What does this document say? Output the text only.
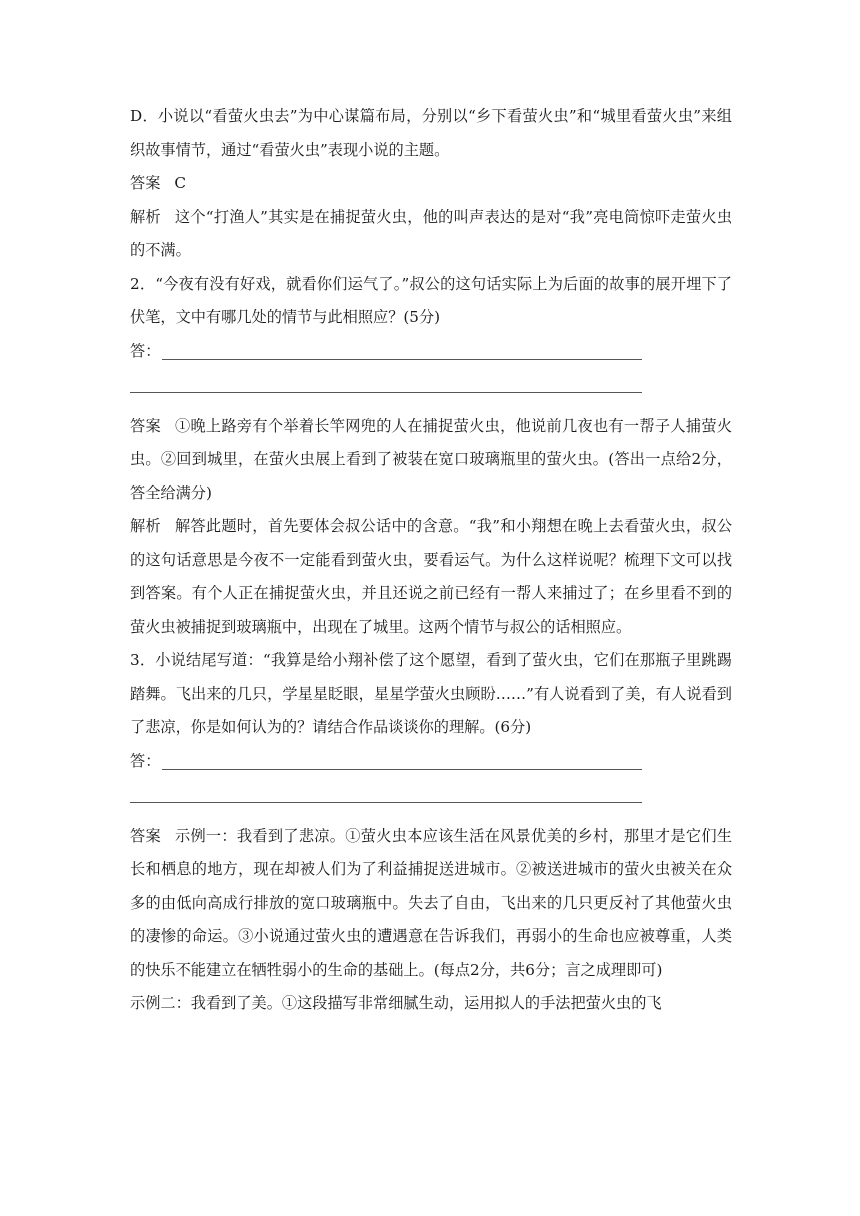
D．小说以“看萤火虫去”为中心谋篇布局，分别以“乡下看萤火虫”和“城里看萤火虫”来组织故事情节，通过“看萤火虫”表现小说的主题。

答案 C

解析 这个“打渔人”其实是在捕捉萤火虫，他的叫声表达的是对“我”亮电筒惊吓走萤火虫的不满。

2．“今夜有没有好戏，就看你们运气了。”叔公的这句话实际上为后面的故事的展开埋下了伏笔，文中有哪几处的情节与此相照应？(5分)

答：

答案 ①晚上路旁有个举着长竿网兜的人在捕捉萤火虫，他说前几夜也有一帮子人捕萤火虫。②回到城里，在萤火虫展上看到了被装在宽口玻璃瓶里的萤火虫。(答出一点给2分，答全给满分)

解析 解答此题时，首先要体会叔公话中的含意。“我”和小翔想在晚上去看萤火虫，叔公的这句话意思是今夜不一定能看到萤火虫，要看运气。为什么这样说呢？梳理下文可以找到答案。有个人正在捕捉萤火虫，并且还说之前已经有一帮人来捕过了；在乡里看不到的萤火虫被捕捉到玻璃瓶中，出现在了城里。这两个情节与叔公的话相照应。

3．小说结尾写道：“我算是给小翔补偿了这个愿望，看到了萤火虫，它们在那瓶子里跳踢踏舞。飞出来的几只，学星星眨眼，星星学萤火虫顾盼……”有人说看到了美，有人说看到了悲凉，你是如何认为的？请结合作品谈谈你的理解。(6分)

答：

答案 示例一：我看到了悲凉。①萤火虫本应该生活在风景优美的乡村，那里才是它们生长和栖息的地方，现在却被人们为了利益捕捉送进城市。②被送进城市的萤火虫被关在众多的由低向高成行排放的宽口玻璃瓶中。失去了自由，飞出来的几只更反衬了其他萤火虫的凄惨的命运。③小说通过萤火虫的遭遇意在告诉我们，再弱小的生命也应被尊重，人类的快乐不能建立在牺牲弱小的生命的基础上。(每点2分，共6分；言之成理即可)

示例二：我看到了美。①这段描写非常细腻生动，运用拟人的手法把萤火虫的飞
